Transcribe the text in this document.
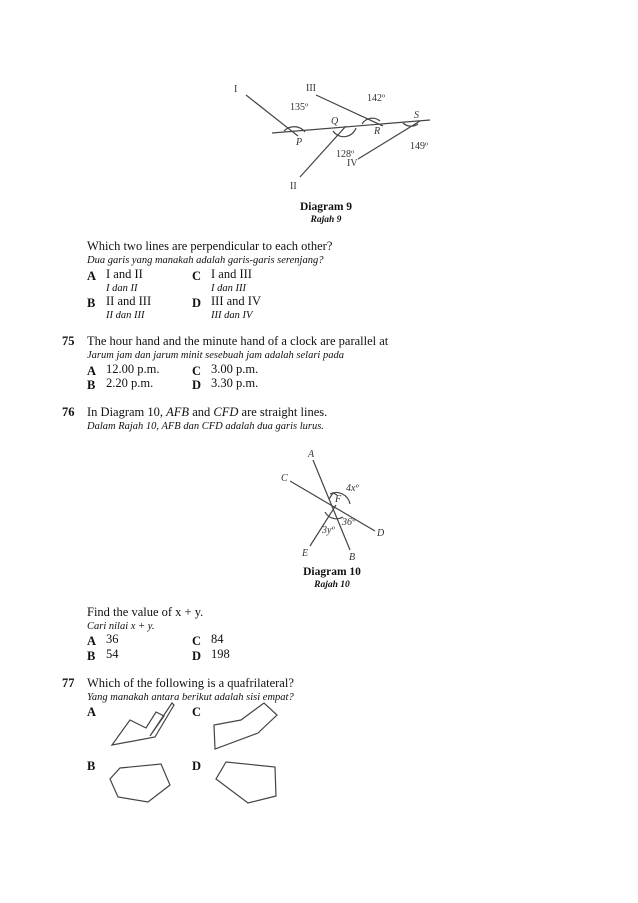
I	III
II
IV
P
Q
R
S
135º
142º
128º
149º
Diagram 9
Rajah 9
Which two lines are perpendicular to each other?
Dua garis yang manakah adalah garis-garis serenjang?
A I and II
I dan II
C I and III
I dan III
B II and III
II dan III
D III and IV
III dan IV
75 The hour hand and the minute hand of a clock are parallel at
Jarum jam dan jarum minit sesebuah jam adalah selari pada
A 12.00 p.m.	C 3.00 p.m.
B 2.20 p.m.	D 3.30 p.m.
76 In Diagram 10, AFB and CFD are straight lines.
Dalam Rajah 10, AFB dan CFD adalah dua garis lurus.
A
C
F
D
E	B
4xº
36º
3yº
Diagram 10
Rajah 10
Find the value of x + y.
Cari nilai x + y.
A 36	C 84
B 54	D 198
77 Which of the following is a quafrilateral?
Yang manakah antara berikut adalah sisi empat?
A	C
B	D
